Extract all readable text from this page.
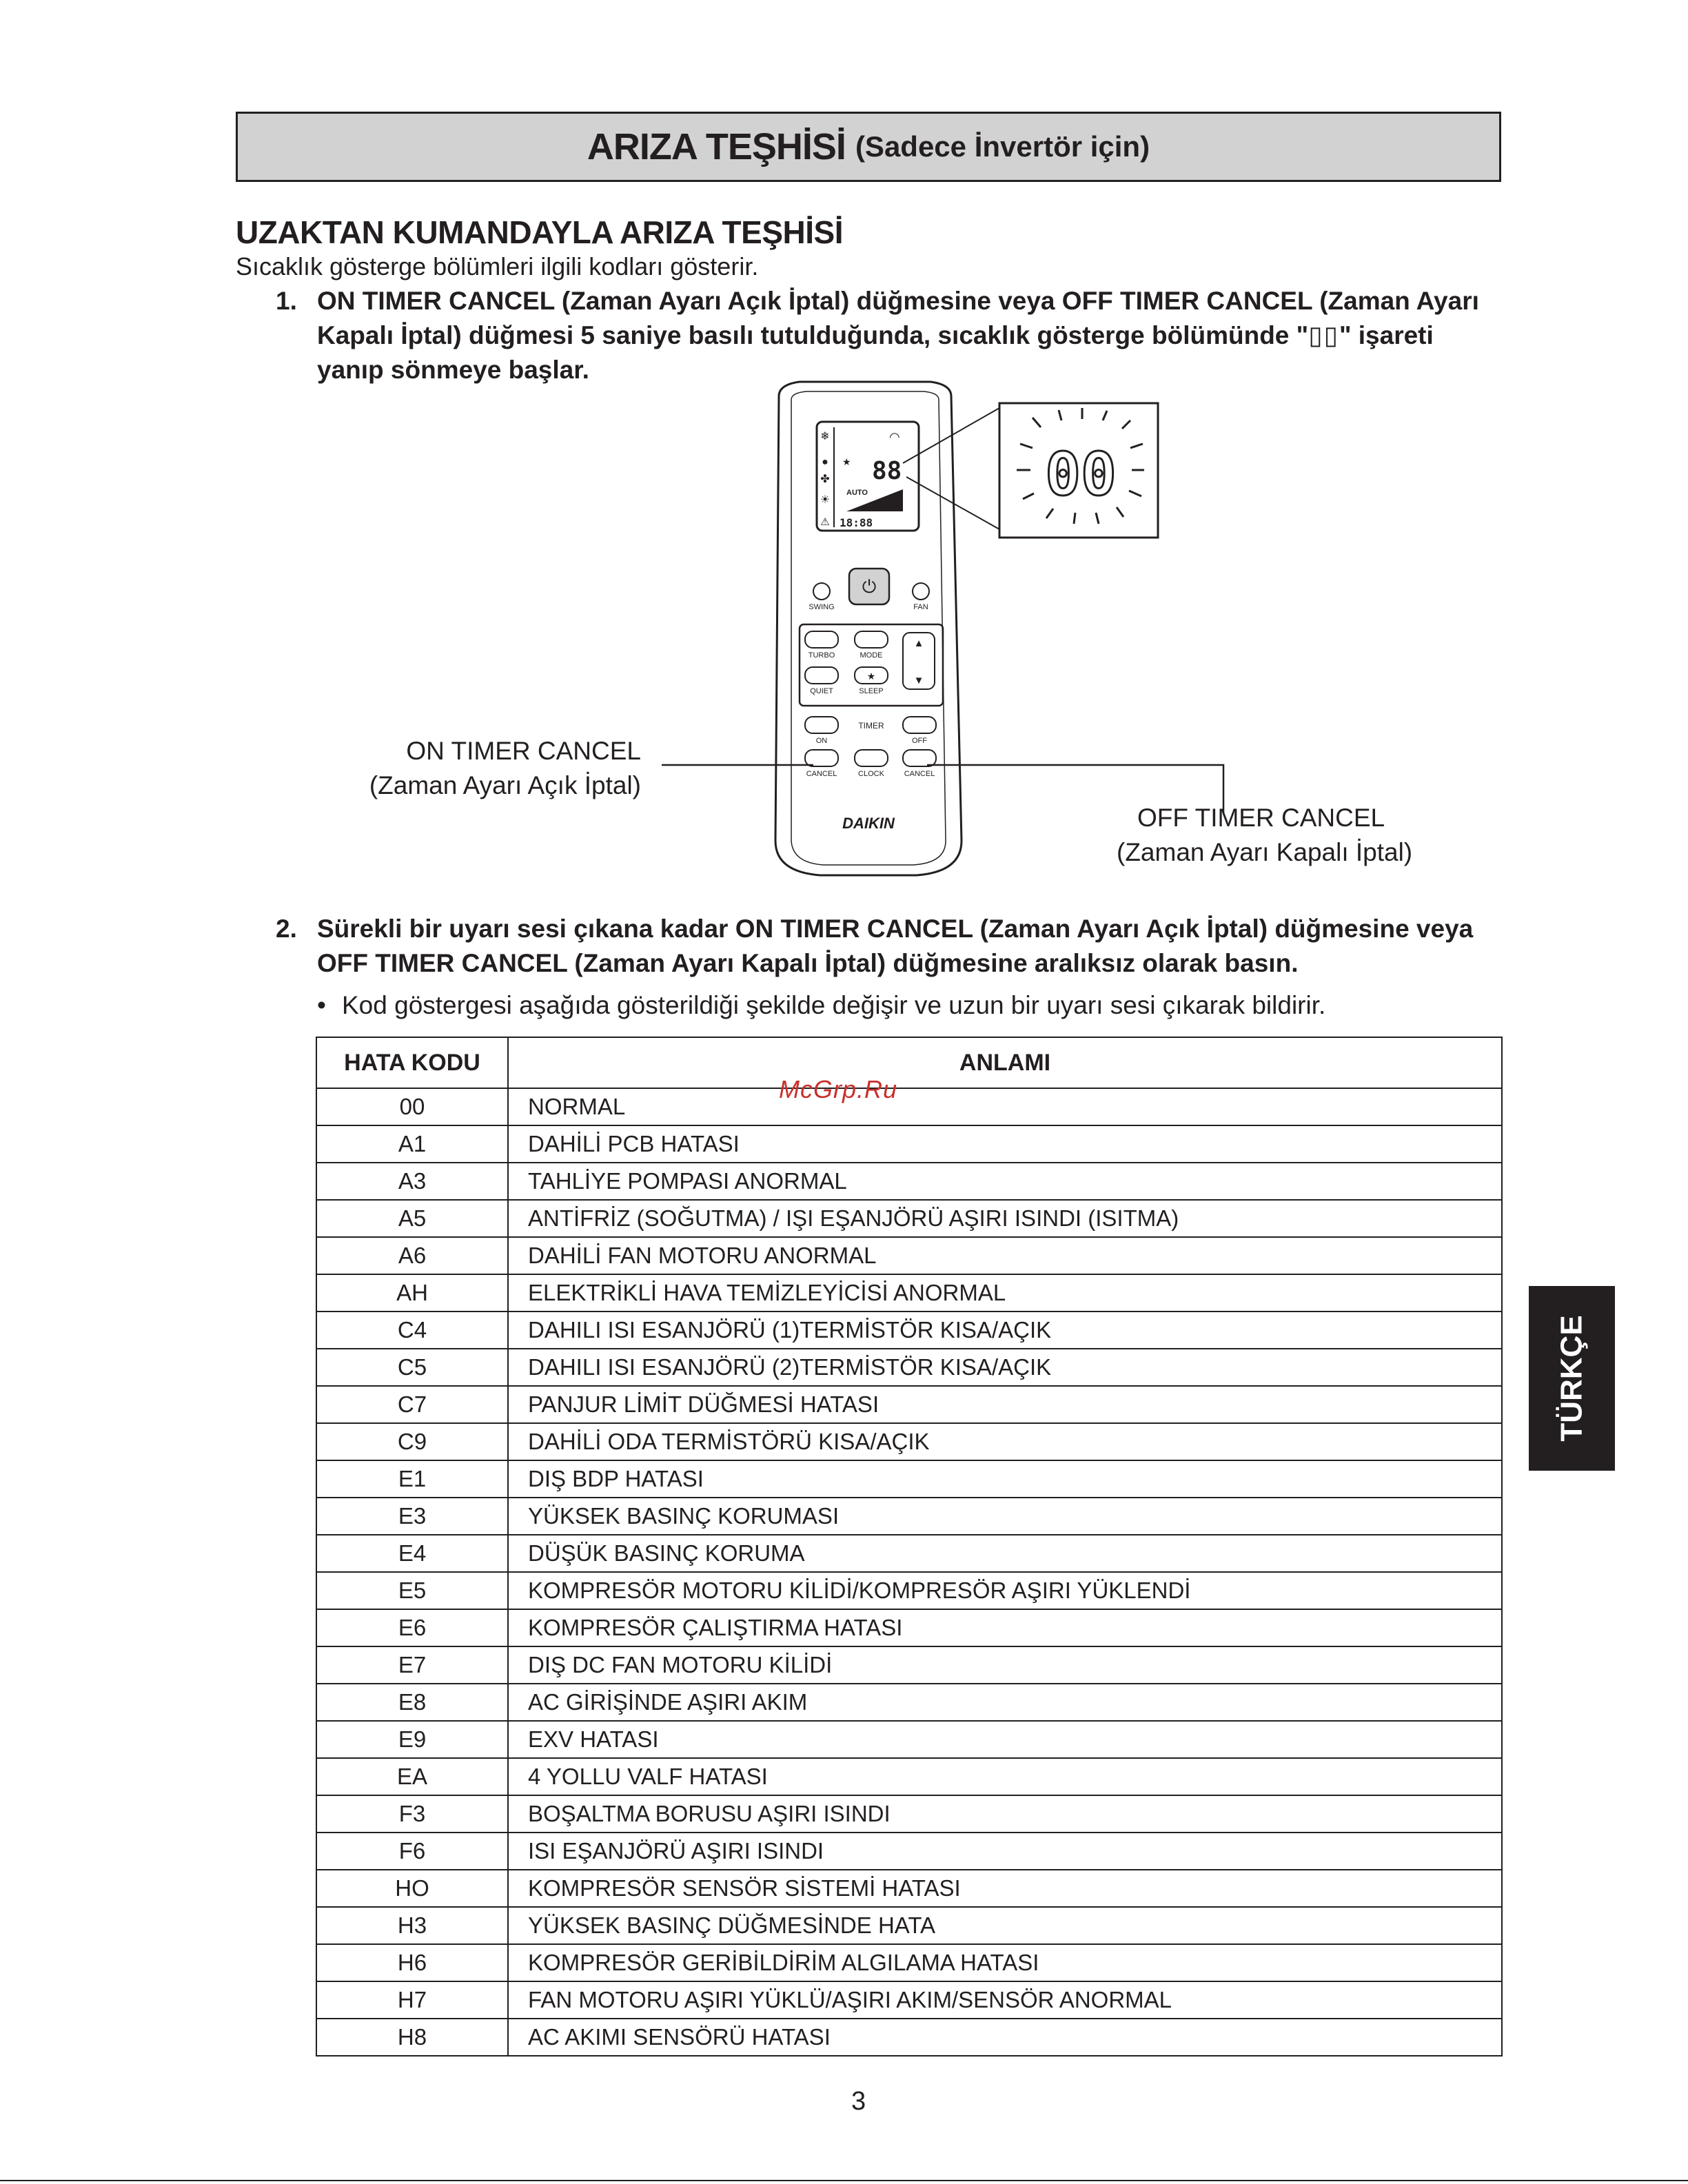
ARIZA TEŞHİSİ (Sadece İnvertör için)
UZAKTAN KUMANDAYLA ARIZA TEŞHİSİ
Sıcaklık gösterge bölümleri ilgili kodları gösterir.
1. ON TIMER CANCEL (Zaman Ayarı Açık İptal) düğmesine veya OFF TIMER CANCEL (Zaman Ayarı
Kapalı İptal) düğmesi 5 saniye basılı tutulduğunda, sıcaklık gösterge bölümünde "▯▯" işareti
yanıp sönmeye başlar.
❄
●
✤
☀
⚠
★
◠
88
AUTO
18:88
SWING
⏻
FAN
TURBO	MODE
QUIET
★
SLEEP
▲
▼
ON
TIMER
OFF
CANCEL	CLOCK	CANCEL
DAIKIN
00
ON TIMER CANCEL
(Zaman Ayarı Açık İptal)
OFF TIMER CANCEL
(Zaman Ayarı Kapalı İptal)
2. Sürekli bir uyarı sesi çıkana kadar ON TIMER CANCEL (Zaman Ayarı Açık İptal) düğmesine veya
OFF TIMER CANCEL (Zaman Ayarı Kapalı İptal) düğmesine aralıksız olarak basın.
• Kod göstergesi aşağıda gösterildiği şekilde değişir ve uzun bir uyarı sesi çıkarak bildirir.
HATA KODU	ANLAMI
00	NORMAL
A1	DAHİLİ PCB HATASI
A3	TAHLİYE POMPASI ANORMAL
A5	ANTİFRİZ (SOĞUTMA) / IŞI EŞANJÖRÜ AŞIRI ISINDI (ISITMA)
A6	DAHİLİ FAN MOTORU ANORMAL
AH	ELEKTRİKLİ HAVA TEMİZLEYİCİSİ ANORMAL
C4	DAHILI ISI ESANJÖRÜ (1)TERMİSTÖR KISA/AÇIK
C5	DAHILI ISI ESANJÖRÜ (2)TERMİSTÖR KISA/AÇIK
C7	PANJUR LİMİT DÜĞMESİ HATASI
C9	DAHİLİ ODA TERMİSTÖRÜ KISA/AÇIK
E1	DIŞ BDP HATASI
E3	YÜKSEK BASINÇ KORUMASI
E4	DÜŞÜK BASINÇ KORUMA
E5	KOMPRESÖR MOTORU KİLİDİ/KOMPRESÖR AŞIRI YÜKLENDİ
E6	KOMPRESÖR ÇALIŞTIRMA HATASI
E7	DIŞ DC FAN MOTORU KİLİDİ
E8	AC GİRİŞİNDE AŞIRI AKIM
E9	EXV HATASI
EA	4 YOLLU VALF HATASI
F3	BOŞALTMA BORUSU AŞIRI ISINDI
F6	ISI EŞANJÖRÜ AŞIRI ISINDI
HO	KOMPRESÖR SENSÖR SİSTEMİ HATASI
H3	YÜKSEK BASINÇ DÜĞMESİNDE HATA
H6	KOMPRESÖR GERİBİLDİRİM ALGILAMA HATASI
H7	FAN MOTORU AŞIRI YÜKLÜ/AŞIRI AKIM/SENSÖR ANORMAL
H8	AC AKIMI SENSÖRÜ HATASI
McGrp.Ru
TÜRKÇE
3
